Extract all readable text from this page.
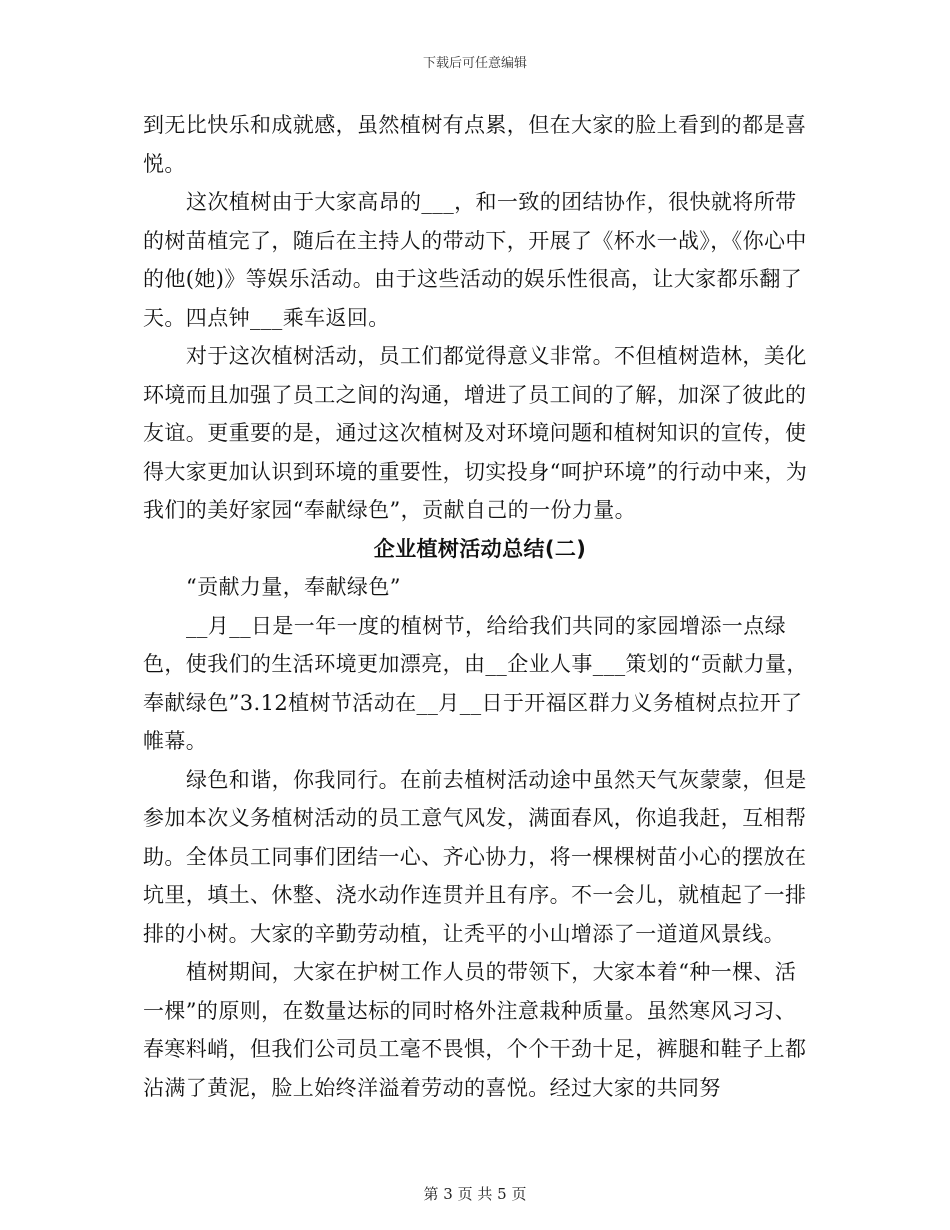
下载后可任意编辑

到无比快乐和成就感，虽然植树有点累，但在大家的脸上看到的都是喜悦。

这次植树由于大家高昂的___，和一致的团结协作，很快就将所带的树苗植完了，随后在主持人的带动下，开展了《杯水一战》，《你心中的他(她)》等娱乐活动。由于这些活动的娱乐性很高，让大家都乐翻了天。四点钟___乘车返回。

对于这次植树活动，员工们都觉得意义非常。不但植树造林，美化环境而且加强了员工之间的沟通，增进了员工间的了解，加深了彼此的友谊。更重要的是，通过这次植树及对环境问题和植树知识的宣传，使得大家更加认识到环境的重要性，切实投身“呵护环境”的行动中来，为我们的美好家园“奉献绿色”，贡献自己的一份力量。

企业植树活动总结(二)

“贡献力量，奉献绿色”

__月__日是一年一度的植树节，给给我们共同的家园增添一点绿色，使我们的生活环境更加漂亮，由__企业人事___策划的“贡献力量，奉献绿色”3.12植树节活动在__月__日于开福区群力义务植树点拉开了帷幕。

绿色和谐，你我同行。在前去植树活动途中虽然天气灰蒙蒙，但是参加本次义务植树活动的员工意气风发，满面春风，你追我赶，互相帮助。全体员工同事们团结一心、齐心协力，将一棵棵树苗小心的摆放在坑里，填土、休整、浇水动作连贯并且有序。不一会儿，就植起了一排排的小树。大家的辛勤劳动植，让秃平的小山增添了一道道风景线。

植树期间，大家在护树工作人员的带领下，大家本着“种一棵、活一棵”的原则，在数量达标的同时格外注意栽种质量。虽然寒风习习、春寒料峭，但我们公司员工毫不畏惧，个个干劲十足，裤腿和鞋子上都沾满了黄泥，脸上始终洋溢着劳动的喜悦。经过大家的共同努

第 3 页 共 5 页
